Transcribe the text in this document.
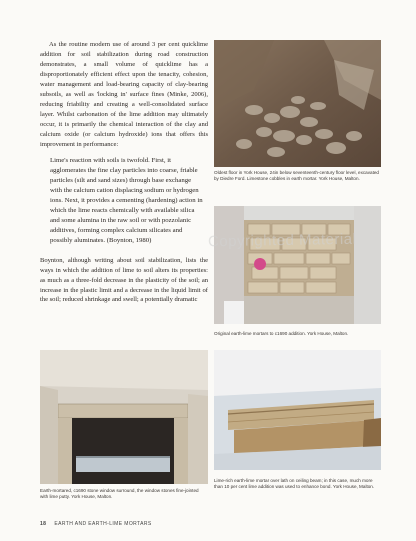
As the routine modern use of around 3 per cent quicklime addition for soil stabilization during road construction demonstrates, a small volume of quicklime has a disproportionately efficient effect upon the tenacity, cohesion, water management and load-bearing capacity of clay-bearing subsoils, as well as 'locking in' surface fines (Minke, 2006), reducing friability and creating a well-consolidated surface layer. Whilst carbonation of the lime addition may ultimately occur, it is primarily the chemical interaction of the clay and calcium oxide (or calcium hydroxide) ions that offers this improvement in performance:

Lime's reaction with soils is twofold. First, it agglomerates the fine clay particles into coarse, friable particles (silt and sand sizes) through base exchange with the calcium cation displacing sodium or hydrogen ions. Next, it provides a cementing (hardening) action in which the lime reacts chemically with available silica and some alumina in the raw soil or with pozzolanic additives, forming complex calcium silicates and possibly aluminates. (Boynton, 1980)

Boynton, although writing about soil stabilization, lists the ways in which the addition of lime to soil alters its properties: as much as a three-fold decrease in the plasticity of the soil; an increase in the plastic limit and a decrease in the liquid limit of the soil; reduced shrinkage and swell; a potentially dramatic

Oldest floor in York House, 24in below seventeenth-century floor level, excavated by Diedre Ford. Limestone cobbles in earth mortar. York House, Malton.
Original earth-lime mortars to c1690 addition. York House, Malton.
Earth-mortared, c1690 stone window surround, the window stones fine-jointed with lime putty. York House, Malton.
Lime-rich earth-lime mortar over lath on ceiling beam; in this case, much more than 10 per cent lime addition was used to enhance bond. York House, Malton.
Copyrighted Material
18 EARTH AND EARTH-LIME MORTARS
